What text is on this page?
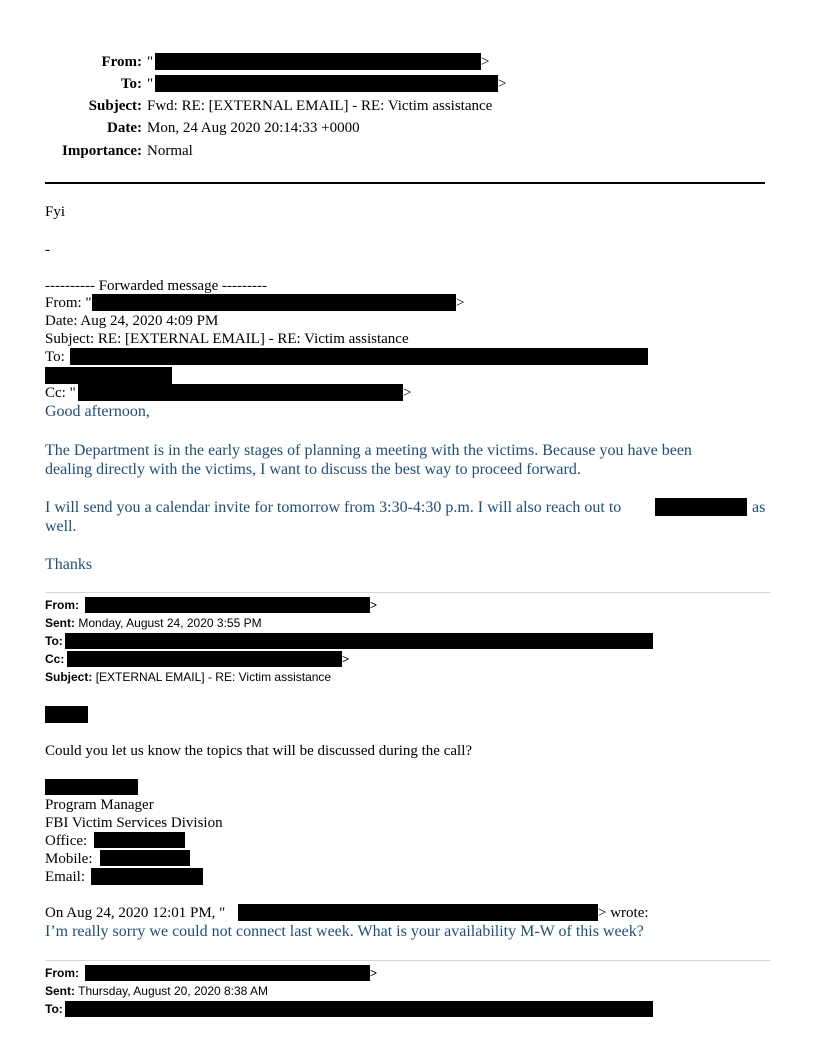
From: "	>
To: "	>
Subject: Fwd: RE: [EXTERNAL EMAIL] - RE: Victim assistance
Date: Mon, 24 Aug 2020 20:14:33 +0000
Importance: Normal
Fyi
-
---------- Forwarded message ---------
From: "	>
Date: Aug 24, 2020 4:09 PM
Subject: RE: [EXTERNAL EMAIL] - RE: Victim assistance
To:
Cc: "	>
Good afternoon,
The Department is in the early stages of planning a meeting with the victims. Because you have been
dealing directly with the victims, I want to discuss the best way to proceed forward.
I will send you a calendar invite for tomorrow from 3:30-4:30 p.m. I will also reach out to	as
well.
Thanks
From:	>
Sent: Monday, August 24, 2020 3:55 PM
To:
Cc:	>
Subject: [EXTERNAL EMAIL] - RE: Victim assistance
Could you let us know the topics that will be discussed during the call?
Program Manager
FBI Victim Services Division
Office:
Mobile:
Email:
On Aug 24, 2020 12:01 PM, "	> wrote:
I’m really sorry we could not connect last week. What is your availability M-W of this week?
From:	>
Sent: Thursday, August 20, 2020 8:38 AM
To:
